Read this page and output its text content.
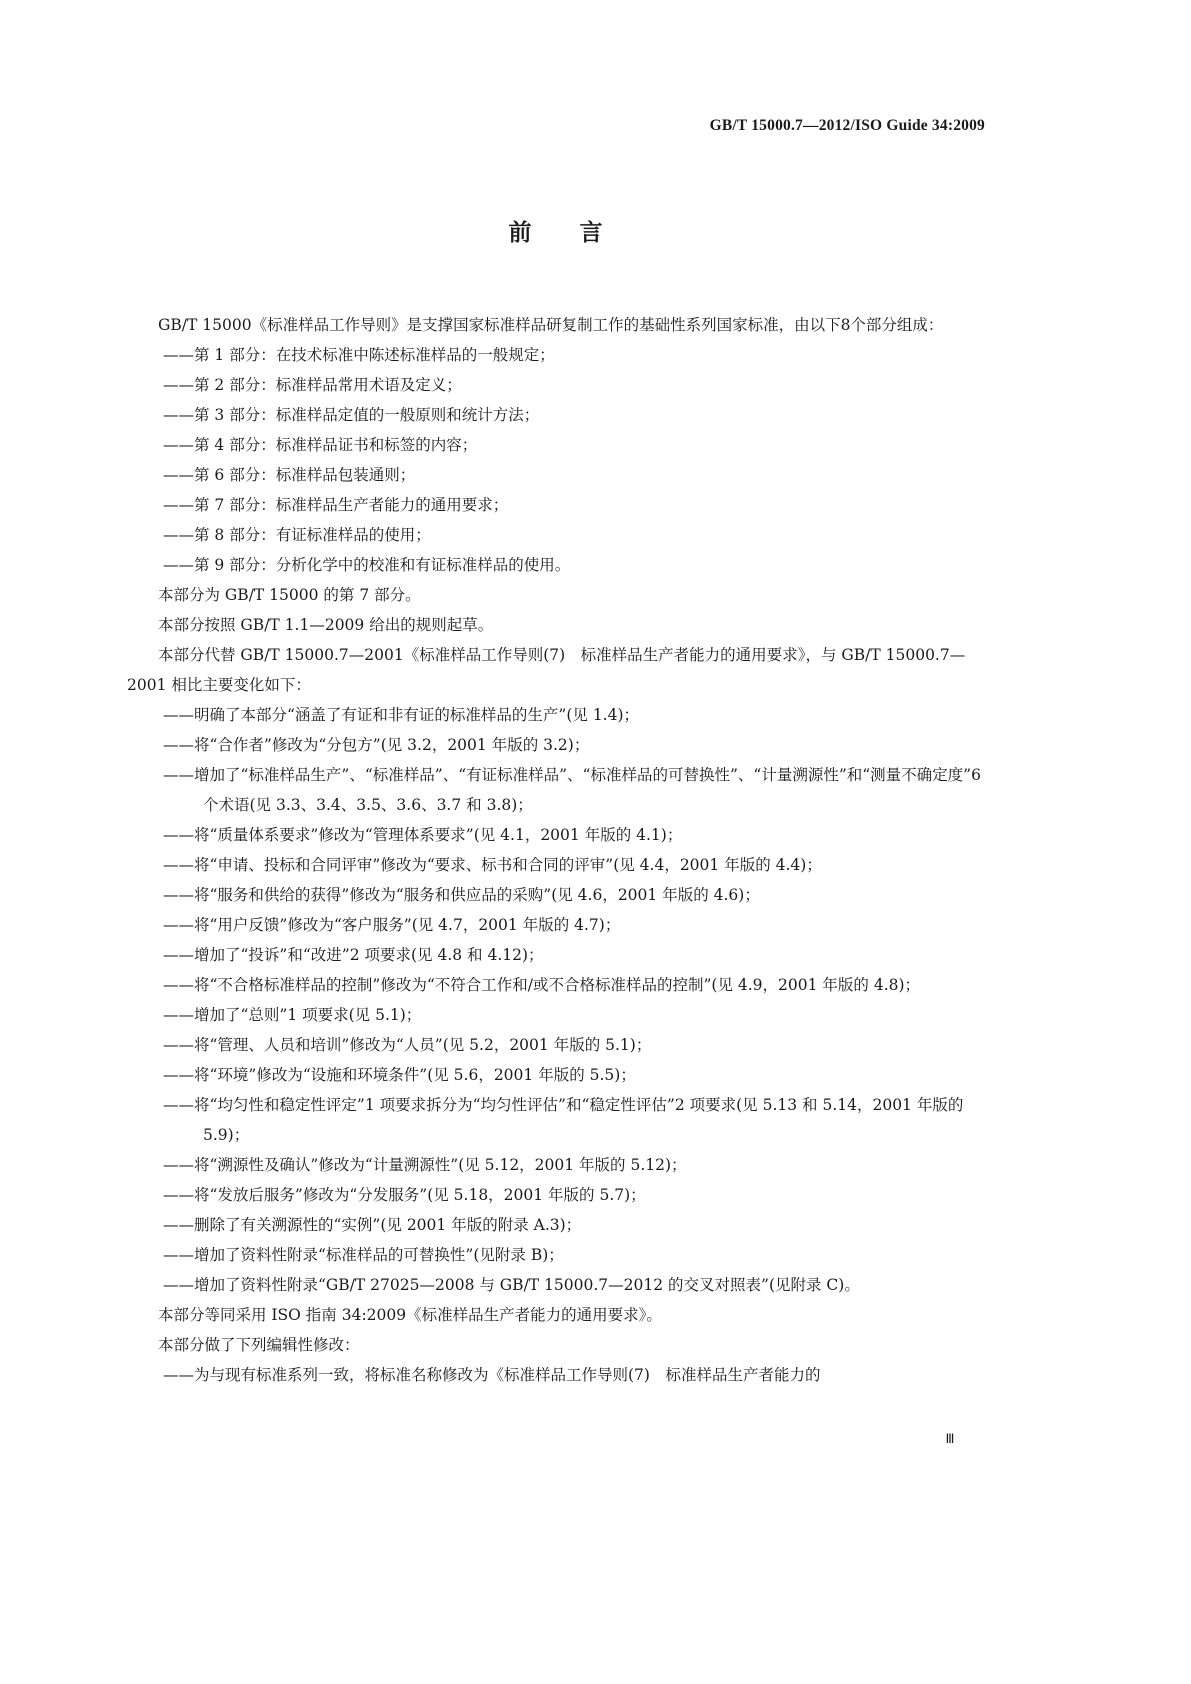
GB/T 15000.7—2012/ISO Guide 34:2009
前言

GB/T 15000《标准样品工作导则》是支撑国家标准样品研复制工作的基础性系列国家标准，由以下8个部分组成：

——第 1 部分：在技术标准中陈述标准样品的一般规定；

——第 2 部分：标准样品常用术语及定义；

——第 3 部分：标准样品定值的一般原则和统计方法；

——第 4 部分：标准样品证书和标签的内容；

——第 6 部分：标准样品包装通则；

——第 7 部分：标准样品生产者能力的通用要求；

——第 8 部分：有证标准样品的使用；

——第 9 部分：分析化学中的校准和有证标准样品的使用。

本部分为 GB/T 15000 的第 7 部分。

本部分按照 GB/T 1.1—2009 给出的规则起草。

本部分代替 GB/T 15000.7—2001《标准样品工作导则(7)　标准样品生产者能力的通用要求》，与 GB/T 15000.7—2001 相比主要变化如下：

——明确了本部分“涵盖了有证和非有证的标准样品的生产”(见 1.4)；

——将“合作者”修改为“分包方”(见 3.2，2001 年版的 3.2)；

——增加了“标准样品生产”、“标准样品”、“有证标准样品”、“标准样品的可替换性”、“计量溯源性”和“测量不确定度”6 个术语(见 3.3、3.4、3.5、3.6、3.7 和 3.8)；

——将“质量体系要求”修改为“管理体系要求”(见 4.1，2001 年版的 4.1)；

——将“申请、投标和合同评审”修改为“要求、标书和合同的评审”(见 4.4，2001 年版的 4.4)；

——将“服务和供给的获得”修改为“服务和供应品的采购”(见 4.6，2001 年版的 4.6)；

——将“用户反馈”修改为“客户服务”(见 4.7，2001 年版的 4.7)；

——增加了“投诉”和“改进”2 项要求(见 4.8 和 4.12)；

——将“不合格标准样品的控制”修改为“不符合工作和/或不合格标准样品的控制”(见 4.9，2001 年版的 4.8)；

——增加了“总则”1 项要求(见 5.1)；

——将“管理、人员和培训”修改为“人员”(见 5.2，2001 年版的 5.1)；

——将“环境”修改为“设施和环境条件”(见 5.6，2001 年版的 5.5)；

——将“均匀性和稳定性评定”1 项要求拆分为“均匀性评估”和“稳定性评估”2 项要求(见 5.13 和 5.14，2001 年版的 5.9)；

——将“溯源性及确认”修改为“计量溯源性”(见 5.12，2001 年版的 5.12)；

——将“发放后服务”修改为“分发服务”(见 5.18，2001 年版的 5.7)；

——删除了有关溯源性的“实例”(见 2001 年版的附录 A.3)；

——增加了资料性附录“标准样品的可替换性”(见附录 B)；

——增加了资料性附录“GB/T 27025—2008 与 GB/T 15000.7—2012 的交叉对照表”(见附录 C)。

本部分等同采用 ISO 指南 34:2009《标准样品生产者能力的通用要求》。

本部分做了下列编辑性修改：

——为与现有标准系列一致，将标准名称修改为《标准样品工作导则(7)　标准样品生产者能力的

Ⅲ
